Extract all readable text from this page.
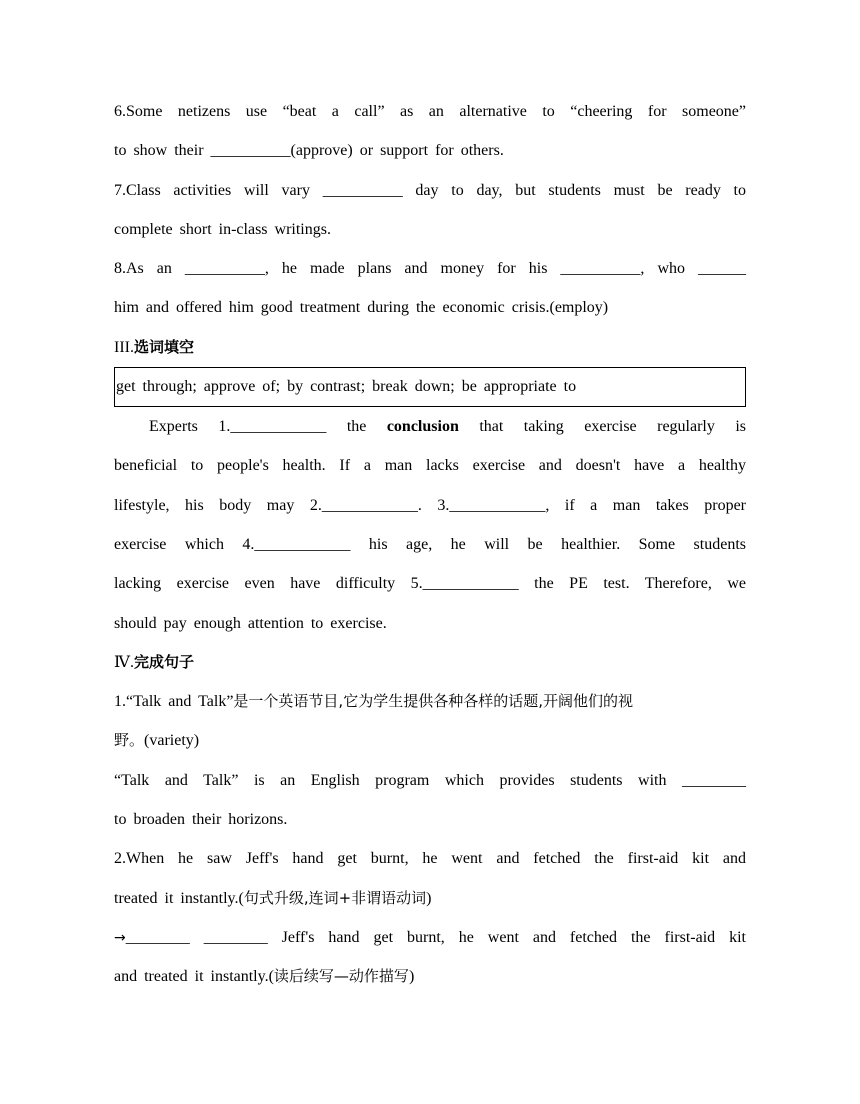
6.Some netizens use “beat a call” as an alternative to “cheering for someone”
to show their __________(approve) or support for others.
7.Class activities will vary __________ day to day, but students must be ready to
complete short in-class writings.
8.As an __________, he made plans and money for his __________, who ______
him and offered him good treatment during the economic crisis.(employ)
III.选词填空
get through; approve of; by contrast; break down; be appropriate to
Experts 1.____________ the conclusion that taking exercise regularly is
beneficial to people's health. If a man lacks exercise and doesn't have a healthy
lifestyle, his body may 2.____________. 3.____________, if a man takes proper
exercise which 4.____________ his age, he will be healthier. Some students
lacking exercise even have difficulty 5.____________ the PE test. Therefore, we
should pay enough attention to exercise.
Ⅳ.完成句子
1.“Talk and Talk”是一个英语节目,它为学生提供各种各样的话题,开阔他们的视
野。(variety)
“Talk and Talk” is an English program which provides students with ________
to broaden their horizons.
2.When he saw Jeff's hand get burnt, he went and fetched the first-aid kit and
treated it instantly.(句式升级,连词+非谓语动词)
→________ ________ Jeff's hand get burnt, he went and fetched the first-aid kit
and treated it instantly.(读后续写—动作描写)
